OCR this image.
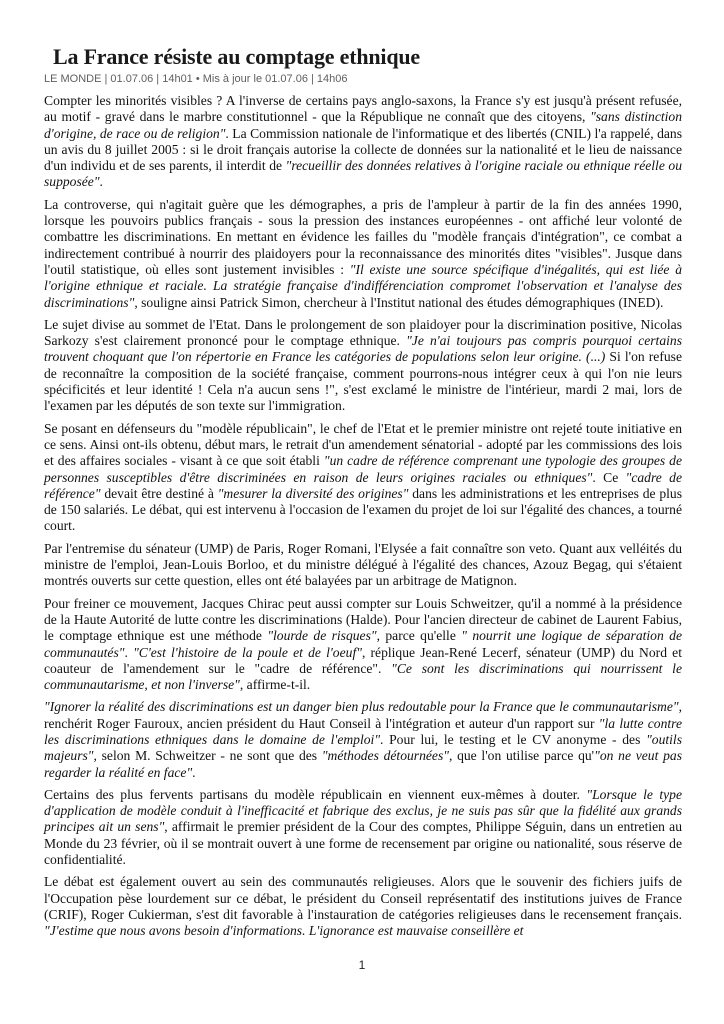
La France résiste au comptage ethnique
LE MONDE | 01.07.06 | 14h01 • Mis à jour le 01.07.06 | 14h06

Compter les minorités visibles ? A l'inverse de certains pays anglo-saxons, la France s'y est jusqu'à présent refusée, au motif - gravé dans le marbre constitutionnel - que la République ne connaît que des citoyens, "sans distinction d'origine, de race ou de religion". La Commission nationale de l'informatique et des libertés (CNIL) l'a rappelé, dans un avis du 8 juillet 2005 : si le droit français autorise la collecte de données sur la nationalité et le lieu de naissance d'un individu et de ses parents, il interdit de "recueillir des données relatives à l'origine raciale ou ethnique réelle ou supposée".

La controverse, qui n'agitait guère que les démographes, a pris de l'ampleur à partir de la fin des années 1990, lorsque les pouvoirs publics français - sous la pression des instances européennes - ont affiché leur volonté de combattre les discriminations. En mettant en évidence les failles du "modèle français d'intégration", ce combat a indirectement contribué à nourrir des plaidoyers pour la reconnaissance des minorités dites "visibles". Jusque dans l'outil statistique, où elles sont justement invisibles : "Il existe une source spécifique d'inégalités, qui est liée à l'origine ethnique et raciale. La stratégie française d'indifférenciation compromet l'observation et l'analyse des discriminations", souligne ainsi Patrick Simon, chercheur à l'Institut national des études démographiques (INED).

Le sujet divise au sommet de l'Etat. Dans le prolongement de son plaidoyer pour la discrimination positive, Nicolas Sarkozy s'est clairement prononcé pour le comptage ethnique. "Je n'ai toujours pas compris pourquoi certains trouvent choquant que l'on répertorie en France les catégories de populations selon leur origine. (...) Si l'on refuse de reconnaître la composition de la société française, comment pourrons-nous intégrer ceux à qui l'on nie leurs spécificités et leur identité ! Cela n'a aucun sens !", s'est exclamé le ministre de l'intérieur, mardi 2 mai, lors de l'examen par les députés de son texte sur l'immigration.

Se posant en défenseurs du "modèle républicain", le chef de l'Etat et le premier ministre ont rejeté toute initiative en ce sens. Ainsi ont-ils obtenu, début mars, le retrait d'un amendement sénatorial - adopté par les commissions des lois et des affaires sociales - visant à ce que soit établi "un cadre de référence comprenant une typologie des groupes de personnes susceptibles d'être discriminées en raison de leurs origines raciales ou ethniques". Ce "cadre de référence" devait être destiné à "mesurer la diversité des origines" dans les administrations et les entreprises de plus de 150 salariés. Le débat, qui est intervenu à l'occasion de l'examen du projet de loi sur l'égalité des chances, a tourné court.

Par l'entremise du sénateur (UMP) de Paris, Roger Romani, l'Elysée a fait connaître son veto. Quant aux velléités du ministre de l'emploi, Jean-Louis Borloo, et du ministre délégué à l'égalité des chances, Azouz Begag, qui s'étaient montrés ouverts sur cette question, elles ont été balayées par un arbitrage de Matignon.

Pour freiner ce mouvement, Jacques Chirac peut aussi compter sur Louis Schweitzer, qu'il a nommé à la présidence de la Haute Autorité de lutte contre les discriminations (Halde). Pour l'ancien directeur de cabinet de Laurent Fabius, le comptage ethnique est une méthode "lourde de risques", parce qu'elle " nourrit une logique de séparation de communautés". "C'est l'histoire de la poule et de l'oeuf", réplique Jean-René Lecerf, sénateur (UMP) du Nord et coauteur de l'amendement sur le "cadre de référence". "Ce sont les discriminations qui nourrissent le communautarisme, et non l'inverse", affirme-t-il.

"Ignorer la réalité des discriminations est un danger bien plus redoutable pour la France que le communautarisme", renchérit Roger Fauroux, ancien président du Haut Conseil à l'intégration et auteur d'un rapport sur "la lutte contre les discriminations ethniques dans le domaine de l'emploi". Pour lui, le testing et le CV anonyme - des "outils majeurs", selon M. Schweitzer - ne sont que des "méthodes détournées", que l'on utilise parce qu'"on ne veut pas regarder la réalité en face".

Certains des plus fervents partisans du modèle républicain en viennent eux-mêmes à douter. "Lorsque le type d'application de modèle conduit à l'inefficacité et fabrique des exclus, je ne suis pas sûr que la fidélité aux grands principes ait un sens", affirmait le premier président de la Cour des comptes, Philippe Séguin, dans un entretien au Monde du 23 février, où il se montrait ouvert à une forme de recensement par origine ou nationalité, sous réserve de confidentialité.

Le débat est également ouvert au sein des communautés religieuses. Alors que le souvenir des fichiers juifs de l'Occupation pèse lourdement sur ce débat, le président du Conseil représentatif des institutions juives de France (CRIF), Roger Cukierman, s'est dit favorable à l'instauration de catégories religieuses dans le recensement français. "J'estime que nous avons besoin d'informations. L'ignorance est mauvaise conseillère et

1
